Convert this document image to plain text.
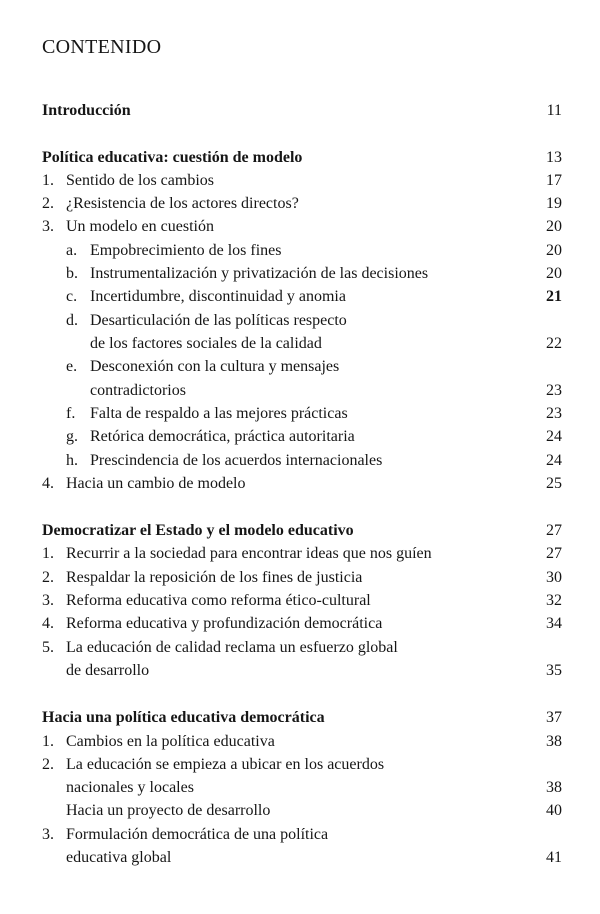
CONTENIDO
Introducción	11
Política educativa: cuestión de modelo	13
1. Sentido de los cambios	17
2. ¿Resistencia de los actores directos?	19
3. Un modelo en cuestión	20
a. Empobrecimiento de los fines	20
b. Instrumentalización y privatización de las decisiones	20
c. Incertidumbre, discontinuidad y anomia	21
d. Desarticulación de las políticas respecto
de los factores sociales de la calidad	22
e. Desconexión con la cultura y mensajes
contradictorios	23
f. Falta de respaldo a las mejores prácticas	23
g. Retórica democrática, práctica autoritaria	24
h. Prescindencia de los acuerdos internacionales	24
4. Hacia un cambio de modelo	25
Democratizar el Estado y el modelo educativo	27
1. Recurrir a la sociedad para encontrar ideas que nos guíen	27
2. Respaldar la reposición de los fines de justicia	30
3. Reforma educativa como reforma ético-cultural	32
4. Reforma educativa y profundización democrática	34
5. La educación de calidad reclama un esfuerzo global
de desarrollo	35
Hacia una política educativa democrática	37
1. Cambios en la política educativa	38
2. La educación se empieza a ubicar en los acuerdos
nacionales y locales	38
Hacia un proyecto de desarrollo	40
3. Formulación democrática de una política
educativa global	41
